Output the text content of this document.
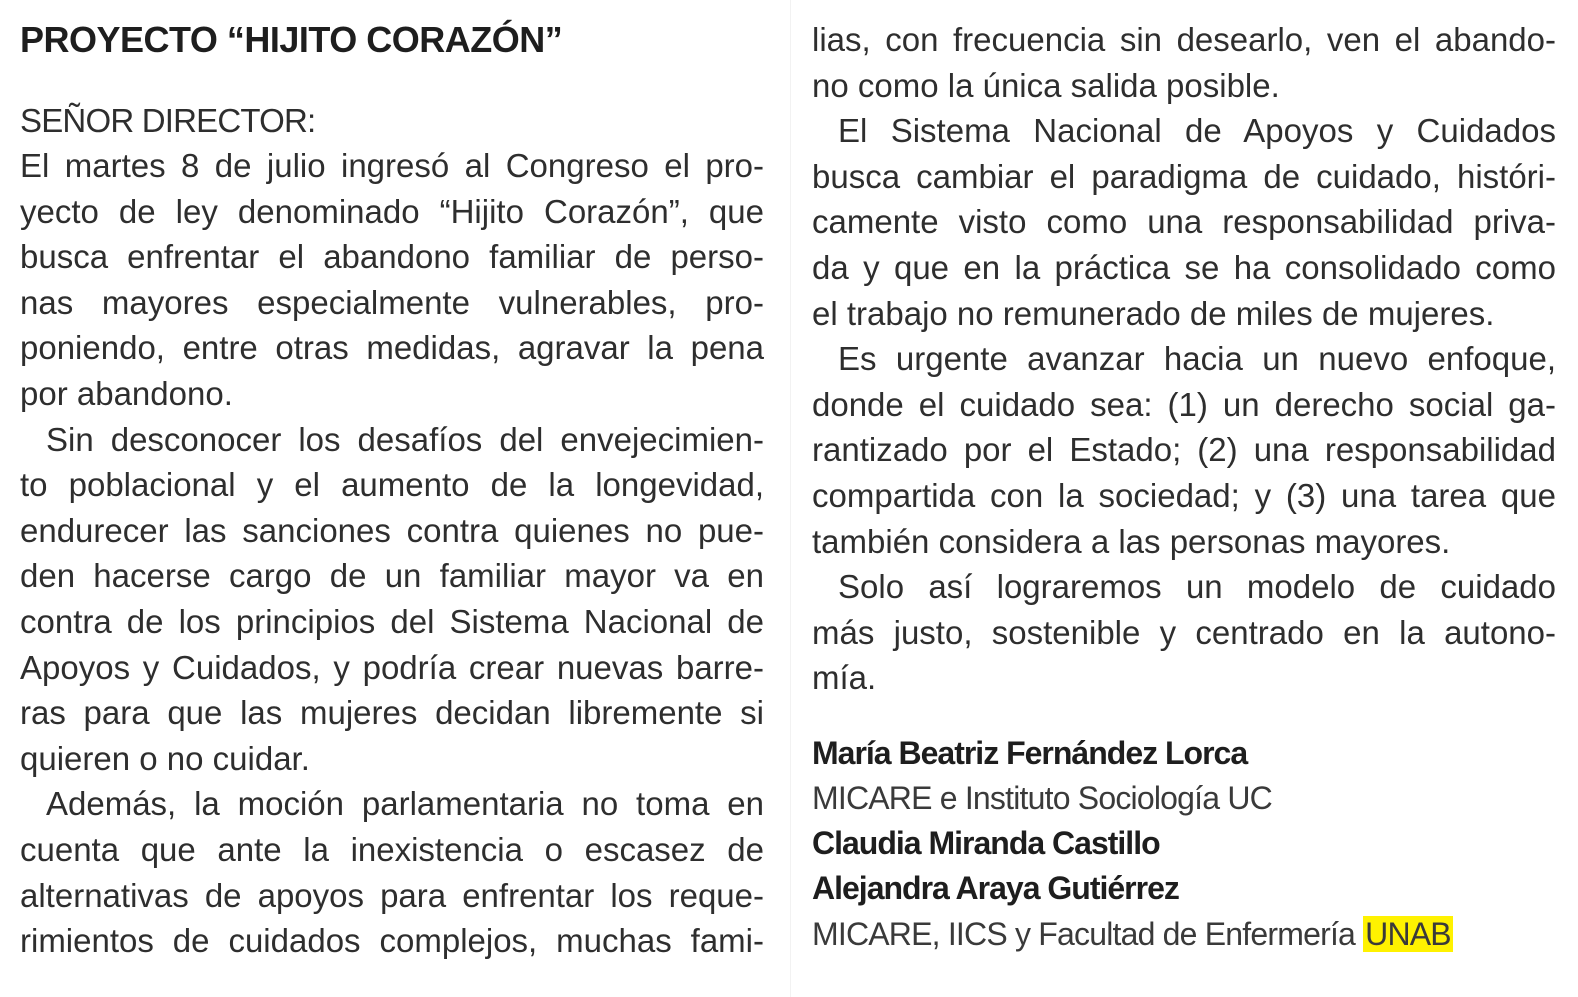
PROYECTO “HIJITO CORAZÓN”

SEÑOR DIRECTOR:

El martes 8 de julio ingresó al Congreso el pro-
yecto de ley denominado “Hijito Corazón”, que
busca enfrentar el abandono familiar de perso-
nas mayores especialmente vulnerables, pro-
poniendo, entre otras medidas, agravar la pena
por abandono.
Sin desconocer los desafíos del envejecimien-
to poblacional y el aumento de la longevidad,
endurecer las sanciones contra quienes no pue-
den hacerse cargo de un familiar mayor va en
contra de los principios del Sistema Nacional de
Apoyos y Cuidados, y podría crear nuevas barre-
ras para que las mujeres decidan libremente si
quieren o no cuidar.
Además, la moción parlamentaria no toma en
cuenta que ante la inexistencia o escasez de
alternativas de apoyos para enfrentar los reque-
rimientos de cuidados complejos, muchas fami-
lias, con frecuencia sin desearlo, ven el abando-
no como la única salida posible.
El Sistema Nacional de Apoyos y Cuidados
busca cambiar el paradigma de cuidado, históri-
camente visto como una responsabilidad priva-
da y que en la práctica se ha consolidado como
el trabajo no remunerado de miles de mujeres.
Es urgente avanzar hacia un nuevo enfoque,
donde el cuidado sea: (1) un derecho social ga-
rantizado por el Estado; (2) una responsabilidad
compartida con la sociedad; y (3) una tarea que
también considera a las personas mayores.
Solo así lograremos un modelo de cuidado
más justo, sostenible y centrado en la autono-
mía.
María Beatriz Fernández Lorca
MICARE e Instituto Sociología UC
Claudia Miranda Castillo
Alejandra Araya Gutiérrez
MICARE, IICS y Facultad de Enfermería UNAB
